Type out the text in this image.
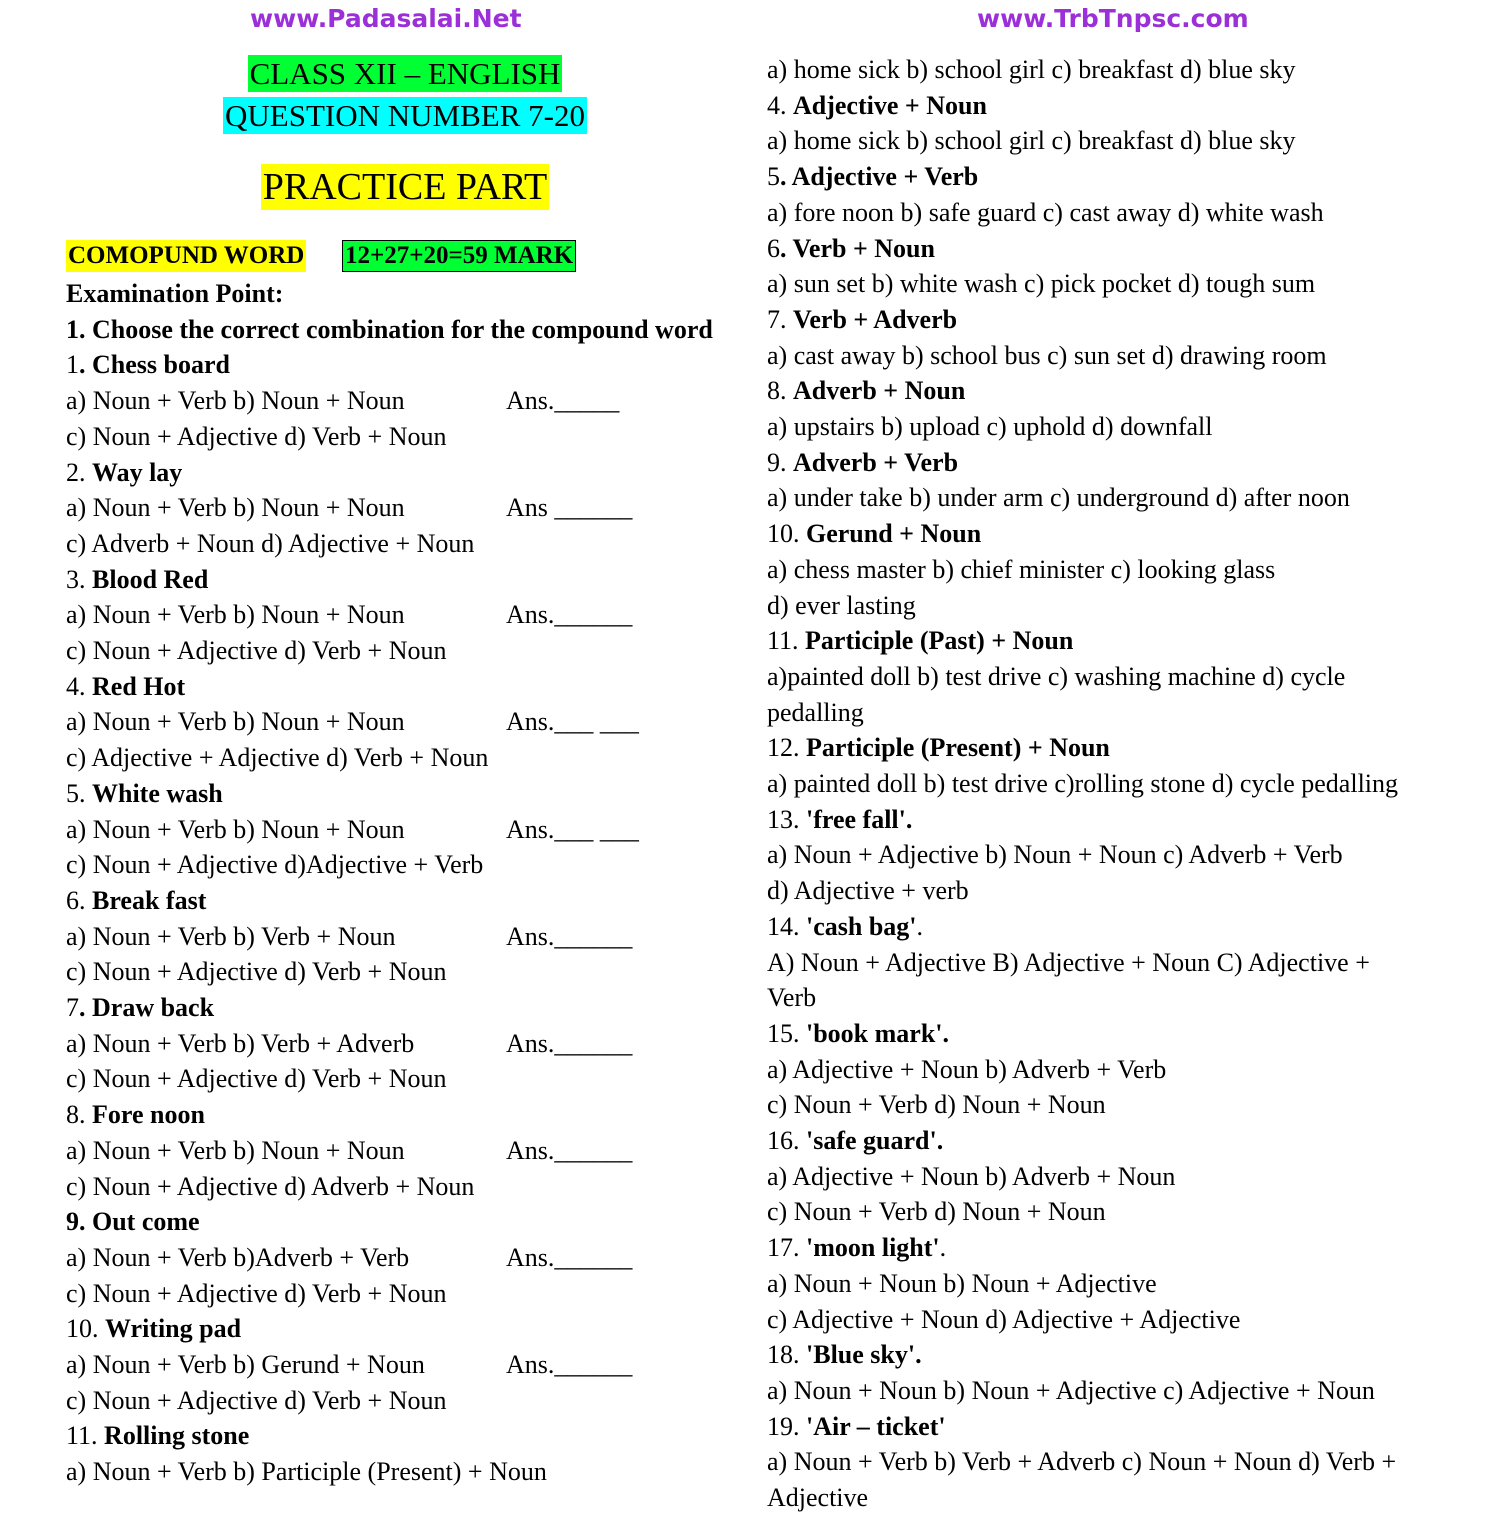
www.Padasalai.Net	www.TrbTnpsc.com
CLASS XII – ENGLISH
QUESTION NUMBER 7-20
PRACTICE PART
COMOPUND WORD 12+27+20=59 MARK
Examination Point:
1. Choose the correct combination for the compound word
1. Chess board
a) Noun + Verb b) Noun + Noun	Ans._____
c) Noun + Adjective d) Verb + Noun
2. Way lay
a) Noun + Verb b) Noun + Noun	Ans ______
c) Adverb + Noun d) Adjective + Noun
3. Blood Red
a) Noun + Verb b) Noun + Noun	Ans.______
c) Noun + Adjective d) Verb + Noun
4. Red Hot
a) Noun + Verb b) Noun + Noun	Ans.___ ___
c) Adjective + Adjective d) Verb + Noun
5. White wash
a) Noun + Verb b) Noun + Noun	Ans.___ ___
c) Noun + Adjective d)Adjective + Verb
6. Break fast
a) Noun + Verb b) Verb + Noun	Ans.______
c) Noun + Adjective d) Verb + Noun
7. Draw back
a) Noun + Verb b) Verb + Adverb	Ans.______
c) Noun + Adjective d) Verb + Noun
8. Fore noon
a) Noun + Verb b) Noun + Noun	Ans.______
c) Noun + Adjective d) Adverb + Noun
9. Out come
a) Noun + Verb b)Adverb + Verb	Ans.______
c) Noun + Adjective d) Verb + Noun
10. Writing pad
a) Noun + Verb b) Gerund + Noun	Ans.______
c) Noun + Adjective d) Verb + Noun
11. Rolling stone
a) Noun + Verb b) Participle (Present) + Noun
a) home sick b) school girl c) breakfast d) blue sky
4. Adjective + Noun
a) home sick b) school girl c) breakfast d) blue sky
5. Adjective + Verb
a) fore noon b) safe guard c) cast away d) white wash
6. Verb + Noun
a) sun set b) white wash c) pick pocket d) tough sum
7. Verb + Adverb
a) cast away b) school bus c) sun set d) drawing room
8. Adverb + Noun
a) upstairs b) upload c) uphold d) downfall
9. Adverb + Verb
a) under take b) under arm c) underground d) after noon
10. Gerund + Noun
a) chess master b) chief minister c) looking glass
d) ever lasting
11. Participle (Past) + Noun
a)painted doll b) test drive c) washing machine d) cycle
pedalling
12. Participle (Present) + Noun
a) painted doll b) test drive c)rolling stone d) cycle pedalling
13. 'free fall'.
a) Noun + Adjective b) Noun + Noun c) Adverb + Verb
d) Adjective + verb
14. 'cash bag'.
A) Noun + Adjective B) Adjective + Noun C) Adjective +
Verb
15. 'book mark'.
a) Adjective + Noun b) Adverb + Verb
c) Noun + Verb d) Noun + Noun
16. 'safe guard'.
a) Adjective + Noun b) Adverb + Noun
c) Noun + Verb d) Noun + Noun
17. 'moon light'.
a) Noun + Noun b) Noun + Adjective
c) Adjective + Noun d) Adjective + Adjective
18. 'Blue sky'.
a) Noun + Noun b) Noun + Adjective c) Adjective + Noun
19. 'Air – ticket'
a) Noun + Verb b) Verb + Adverb c) Noun + Noun d) Verb +
Adjective
